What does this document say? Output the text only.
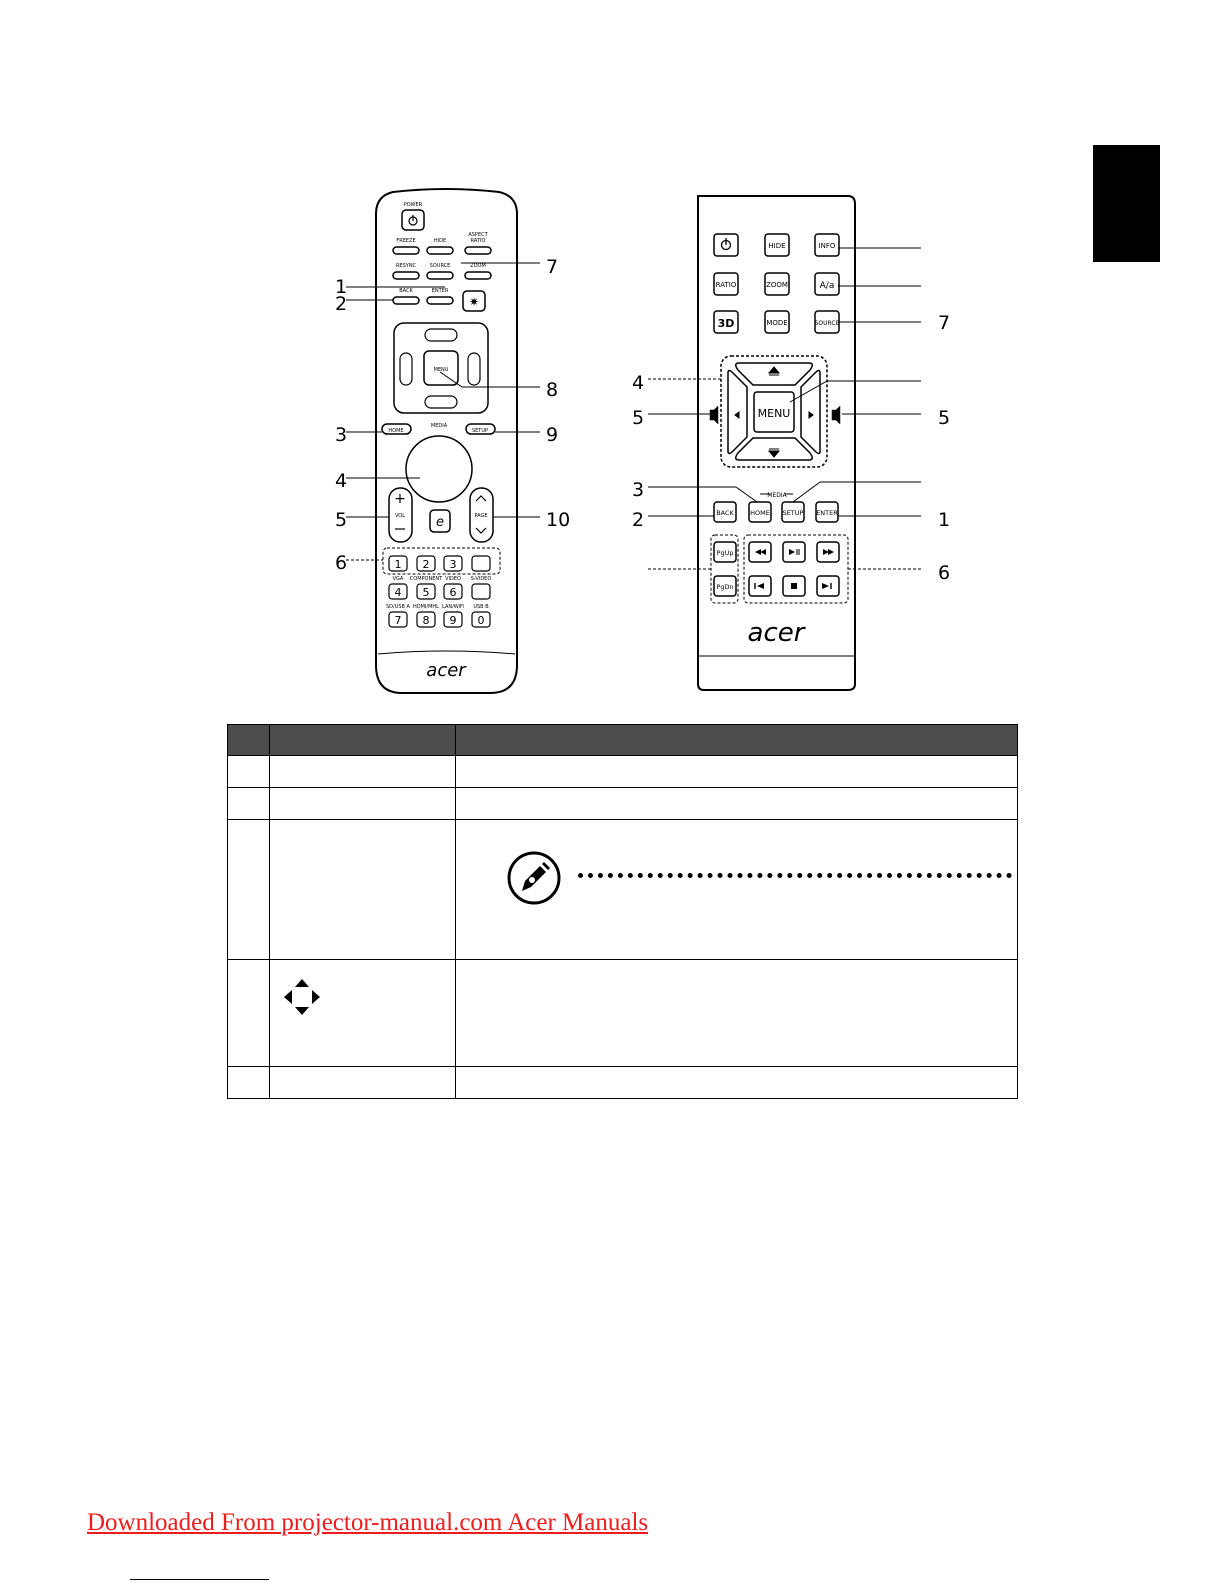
✷
e
+
POWER
FREEZE	HIDE
ASPECT
RATIO
RESYNC	SOURCE	ZOOM
BACK	ENTER
MENU
HOME
MEDIA
SETUP
VOL	PAGE
VGA COMPONENT VIDEO S-VIDEO
SD/USB A HDMI/MHL LAN/WiFi USB B
1 2 3
4 5 6
7 8 9 0
acer
1
2
7
8
3	9
4
5	10
6
HIDE	INFO
RATIO	ZOOM	A/a
3D	MODE	SOURCE
MENU
MEDIA
BACK	HOME SETUP ENTER
PgUp
PgDn
acer
7
4
5	5
3
2	1
6

Downloaded From projector-manual.com Acer Manuals
